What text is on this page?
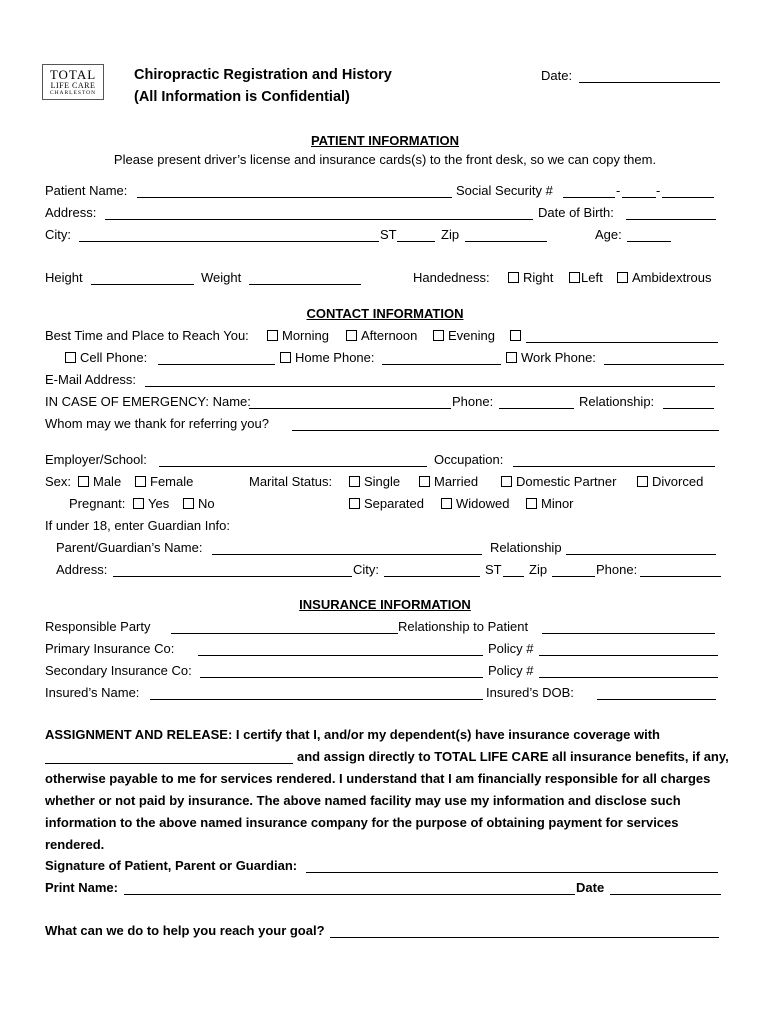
TOTAL
LIFE CARE
CHARLESTON
Chiropractic Registration and History
(All Information is Confidential)
Date:
PATIENT INFORMATION
Please present driver’s license and insurance cards(s) to the front desk, so we can copy them.
Patient Name:	Social Security #	-	-
Address:	Date of Birth:
City:	ST	Zip	Age:
Height	Weight	Handedness:	Right	Left	Ambidextrous
CONTACT INFORMATION
Best Time and Place to Reach You:	Morning	Afternoon	Evening
Cell Phone:	Home Phone:	Work Phone:
E-Mail Address:
IN CASE OF EMERGENCY: Name:	Phone:	Relationship:
Whom may we thank for referring you?
Employer/School:	Occupation:
Sex:	Male	Female	Marital Status:	Single	Married	Domestic Partner	Divorced
Pregnant:	Yes	No	Separated	Widowed	Minor
If under 18, enter Guardian Info:
Parent/Guardian’s Name:	Relationship
Address:	City:	ST Zip	Phone:
INSURANCE INFORMATION
Responsible Party	Relationship to Patient
Primary Insurance Co:	Policy #
Secondary Insurance Co:	Policy #
Insured’s Name:	Insured’s DOB:
ASSIGNMENT AND RELEASE: I certify that I, and/or my dependent(s) have insurance coverage with
and assign directly to TOTAL LIFE CARE all insurance benefits, if any,
otherwise payable to me for services rendered. I understand that I am financially responsible for all charges
whether or not paid by insurance. The above named facility may use my information and disclose such
information to the above named insurance company for the purpose of obtaining payment for services
rendered.
Signature of Patient, Parent or Guardian:
Print Name:	Date
What can we do to help you reach your goal?
